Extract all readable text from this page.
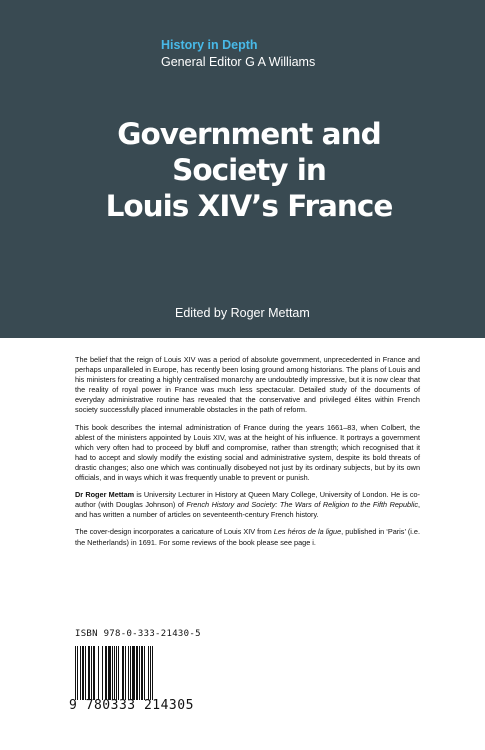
History in Depth
General Editor G A Williams
Government and
Society in
Louis XIV’s France
Edited by Roger Mettam

The belief that the reign of Louis XIV was a period of absolute government, unprecedented in France and perhaps unparalleled in Europe, has recently been losing ground among historians. The plans of Louis and his ministers for creating a highly centralised monarchy are undoubtedly impressive, but it is now clear that the reality of royal power in France was much less spectacular. Detailed study of the documents of everyday administrative routine has revealed that the conservative and privileged élites within French society successfully placed innumerable obstacles in the path of reform.

This book describes the internal administration of France during the years 1661–83, when Colbert, the ablest of the ministers appointed by Louis XIV, was at the height of his influence. It portrays a government which very often had to proceed by bluff and compromise, rather than strength; which recognised that it had to accept and slowly modify the existing social and administrative system, despite its bold threats of drastic changes; also one which was continually disobeyed not just by its ordinary subjects, but by its own officials, and in ways which it was frequently unable to prevent or punish.

Dr Roger Mettam is University Lecturer in History at Queen Mary College, University of London. He is co-author (with Douglas Johnson) of French History and Society: The Wars of Religion to the Fifth Republic, and has written a number of articles on seventeenth-century French history.

The cover-design incorporates a caricature of Louis XIV from Les héros de la ligue, published in ‘Paris’ (i.e. the Netherlands) in 1691. For some reviews of the book please see page i.

ISBN 978-0-333-21430-5
9 780333 214305
